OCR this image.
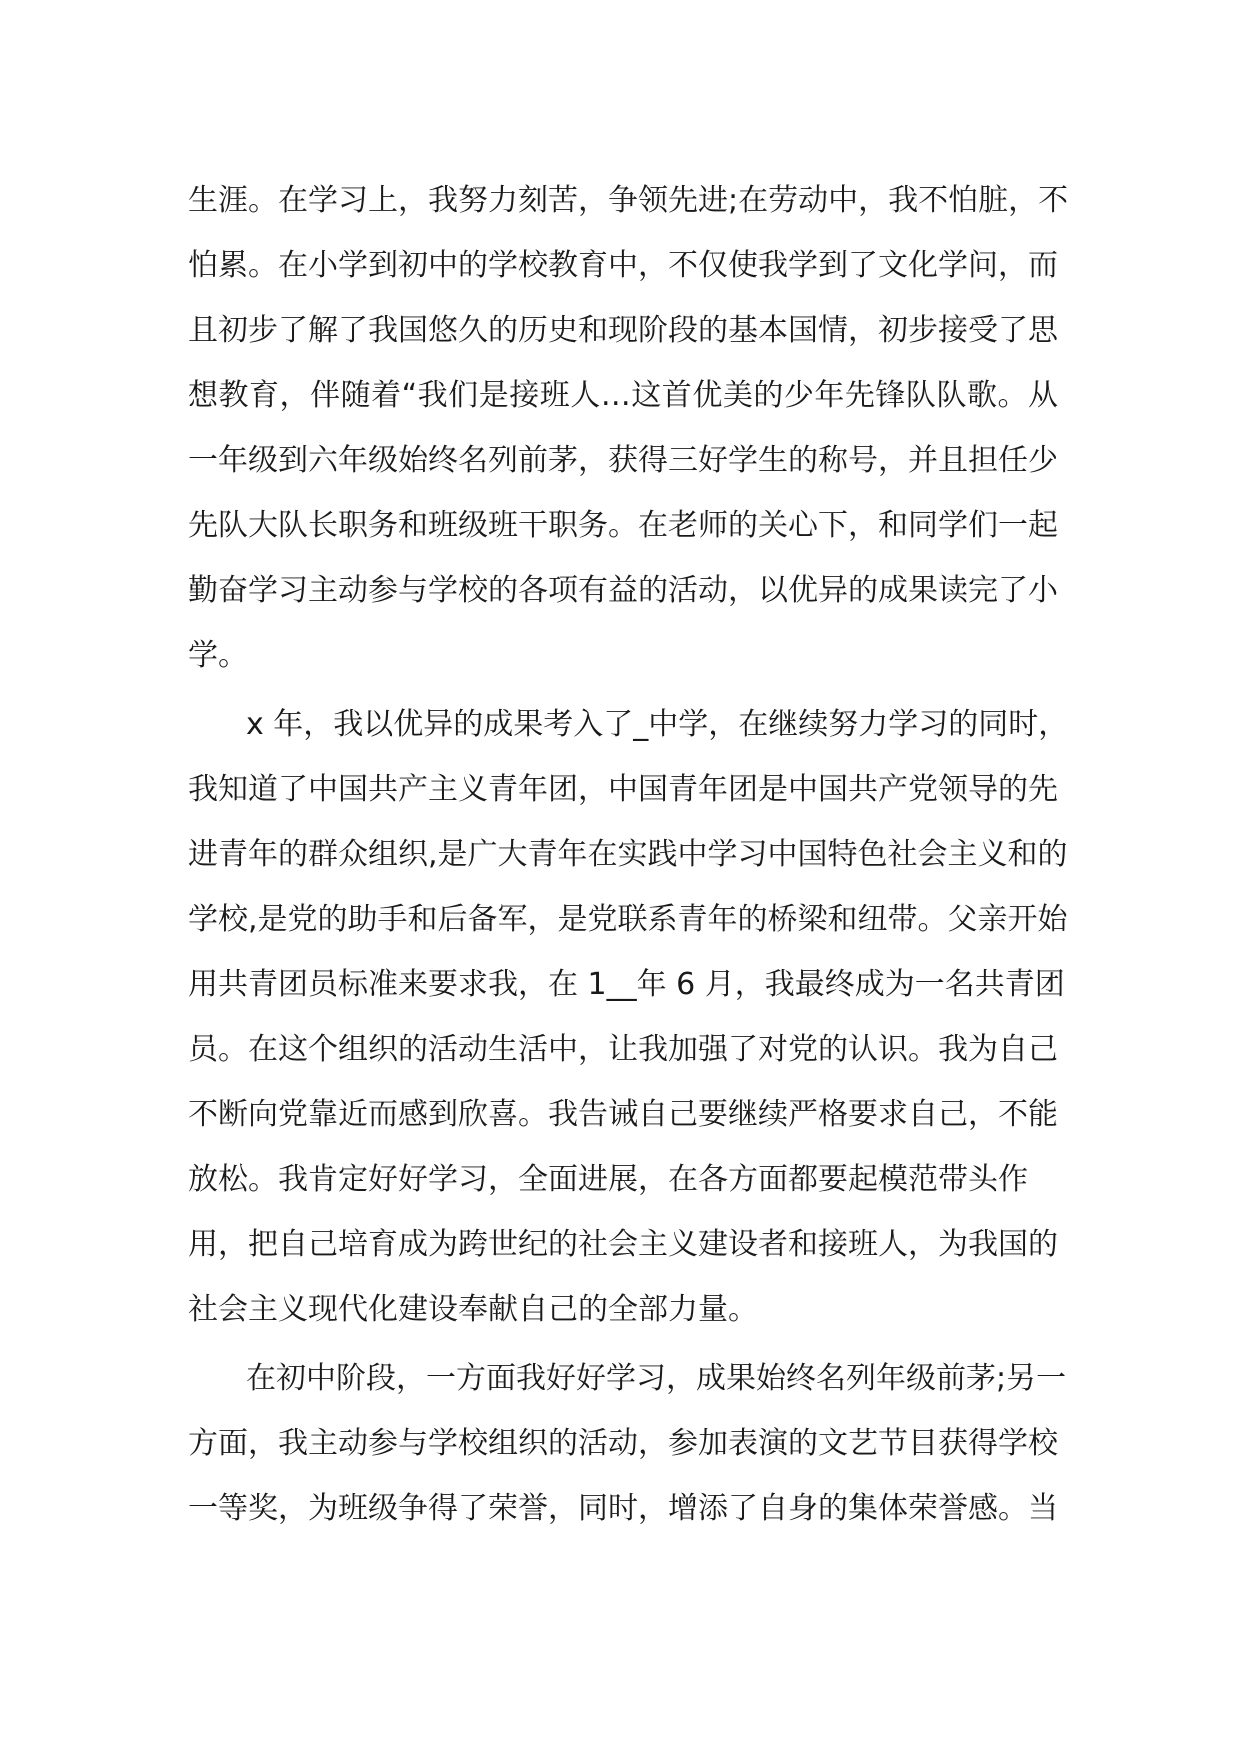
生涯。在学习上，我努力刻苦，争领先进;在劳动中，我不怕脏，不
怕累。在小学到初中的学校教育中，不仅使我学到了文化学问，而
且初步了解了我国悠久的历史和现阶段的基本国情，初步接受了思
想教育，伴随着“我们是接班人…这首优美的少年先锋队队歌。从
一年级到六年级始终名列前茅，获得三好学生的称号，并且担任少
先队大队长职务和班级班干职务。在老师的关心下，和同学们一起
勤奋学习主动参与学校的各项有益的活动，以优异的成果读完了小
学。
x 年，我以优异的成果考入了_中学，在继续努力学习的同时，
我知道了中国共产主义青年团，中国青年团是中国共产党领导的先
进青年的群众组织,是广大青年在实践中学习中国特色社会主义和的
学校,是党的助手和后备军，是党联系青年的桥梁和纽带。父亲开始
用共青团员标准来要求我，在 1__年 6 月，我最终成为一名共青团
员。在这个组织的活动生活中，让我加强了对党的认识。我为自己
不断向党靠近而感到欣喜。我告诫自己要继续严格要求自己，不能
放松。我肯定好好学习，全面进展，在各方面都要起模范带头作
用，把自己培育成为跨世纪的社会主义建设者和接班人，为我国的
社会主义现代化建设奉献自己的全部力量。
在初中阶段，一方面我好好学习，成果始终名列年级前茅;另一
方面，我主动参与学校组织的活动，参加表演的文艺节目获得学校
一等奖，为班级争得了荣誉，同时，增添了自身的集体荣誉感。当
